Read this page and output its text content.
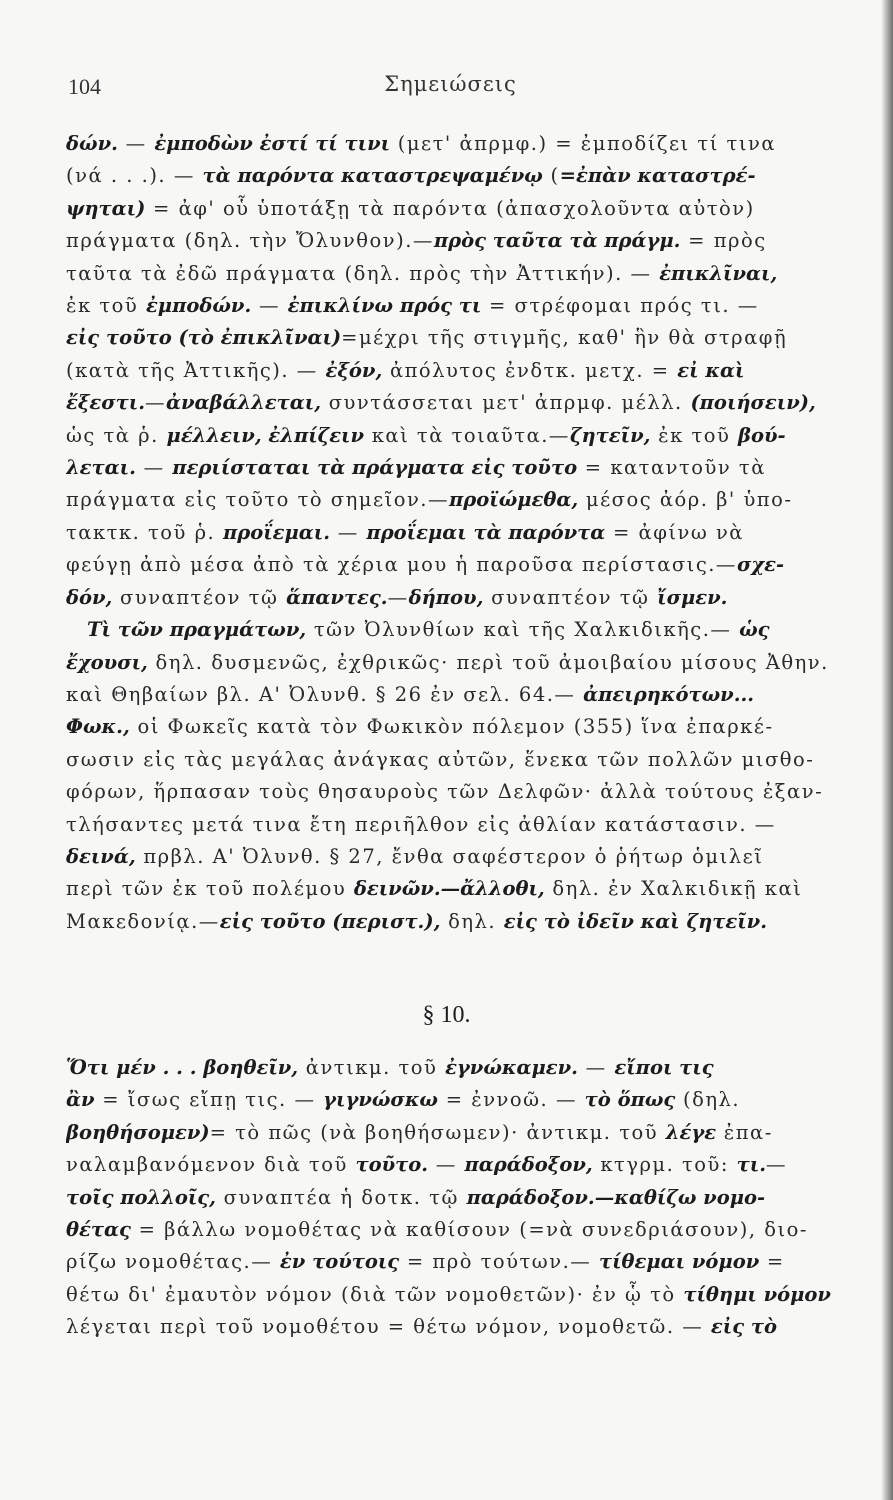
104	Σημειώσεις
δών. — ἐμποδὼν ἐστί τί τινι (μετ' ἀπρμφ.) = ἐμποδίζει τί τινα
(νά . . .). — τὰ παρόντα καταστρεψαμένῳ (=ἐπὰν καταστρέ-
ψηται) = ἀφ' οὗ ὑποτάξῃ τὰ παρόντα (ἀπασχολοῦντα αὐτὸν)
πράγματα (δηλ. τὴν Ὄλυνθον).—πρὸς ταῦτα τὰ πράγμ. = πρὸς
ταῦτα τὰ ἐδῶ πράγματα (δηλ. πρὸς τὴν Ἀττικήν). — ἐπικλῖναι,
ἐκ τοῦ ἐμποδών. — ἐπικλίνω πρός τι = στρέφομαι πρός τι. —
εἰς τοῦτο (τὸ ἐπικλῖναι)=μέχρι τῆς στιγμῆς, καθ' ἣν θὰ στραφῇ
(κατὰ τῆς Ἀττικῆς). — ἐξόν, ἀπόλυτος ἐνδτκ. μετχ. = εἰ καὶ
ἔξεστι.—ἀναβάλλεται, συντάσσεται μετ' ἀπρμφ. μέλλ. (ποιήσειν),
ὡς τὰ ῥ. μέλλειν, ἐλπίζειν καὶ τὰ τοιαῦτα.—ζητεῖν, ἐκ τοῦ βού-
λεται. — περιίσταται τὰ πράγματα εἰς τοῦτο = καταντοῦν τὰ
πράγματα εἰς τοῦτο τὸ σημεῖον.—προϊώμεθα, μέσος ἀόρ. β' ὑπο-
τακτκ. τοῦ ῥ. προΐεμαι. — προΐεμαι τὰ παρόντα = ἀφίνω νὰ
φεύγῃ ἀπὸ μέσα ἀπὸ τὰ χέρια μου ἡ παροῦσα περίστασις.—σχε-
δόν, συναπτέον τῷ ἅπαντες.—δήπου, συναπτέον τῷ ἴσμεν.
 Τὶ τῶν πραγμάτων, τῶν Ὀλυνθίων καὶ τῆς Χαλκιδικῆς.— ὡς
ἔχουσι, δηλ. δυσμενῶς, ἐχθρικῶς· περὶ τοῦ ἀμοιβαίου μίσους Ἀθην.
καὶ Θηβαίων βλ. Α' Ὀλυνθ. § 26 ἐν σελ. 64.— ἀπειρηκότων...
Φωκ., οἱ Φωκεῖς κατὰ τὸν Φωκικὸν πόλεμον (355) ἵνα ἐπαρκέ-
σωσιν εἰς τὰς μεγάλας ἀνάγκας αὐτῶν, ἕνεκα τῶν πολλῶν μισθο-
φόρων, ἥρπασαν τοὺς θησαυροὺς τῶν Δελφῶν· ἀλλὰ τούτους ἐξαν-
τλήσαντες μετά τινα ἔτη περιῆλθον εἰς ἀθλίαν κατάστασιν. —
δεινά, πρβλ. Α' Ὀλυνθ. § 27, ἔνθα σαφέστερον ὁ ῥήτωρ ὁμιλεῖ
περὶ τῶν ἐκ τοῦ πολέμου δεινῶν.—ἄλλοθι, δηλ. ἐν Χαλκιδικῇ καὶ
Μακεδονίᾳ.—εἰς τοῦτο (περιστ.), δηλ. εἰς τὸ ἰδεῖν καὶ ζητεῖν.
§ 10.
Ὅτι μέν . . . βοηθεῖν, ἀντικμ. τοῦ ἐγνώκαμεν. — εἴποι τις
ἂν = ἴσως εἴπῃ τις. — γιγνώσκω = ἐννοῶ. — τὸ ὅπως (δηλ.
βοηθήσομεν)= τὸ πῶς (νὰ βοηθήσωμεν)· ἀντικμ. τοῦ λέγε ἐπα-
ναλαμβανόμενον διὰ τοῦ τοῦτο. — παράδοξον, κτγρμ. τοῦ: τι.—
τοῖς πολλοῖς, συναπτέα ἡ δοτκ. τῷ παράδοξον.—καθίζω νομο-
θέτας = βάλλω νομοθέτας νὰ καθίσουν (=νὰ συνεδριάσουν), διο-
ρίζω νομοθέτας.— ἐν τούτοις = πρὸ τούτων.— τίθεμαι νόμον =
θέτω δι' ἐμαυτὸν νόμον (διὰ τῶν νομοθετῶν)· ἐν ᾧ τὸ τίθημι νόμον
λέγεται περὶ τοῦ νομοθέτου = θέτω νόμον, νομοθετῶ. — εἰς τὸ
